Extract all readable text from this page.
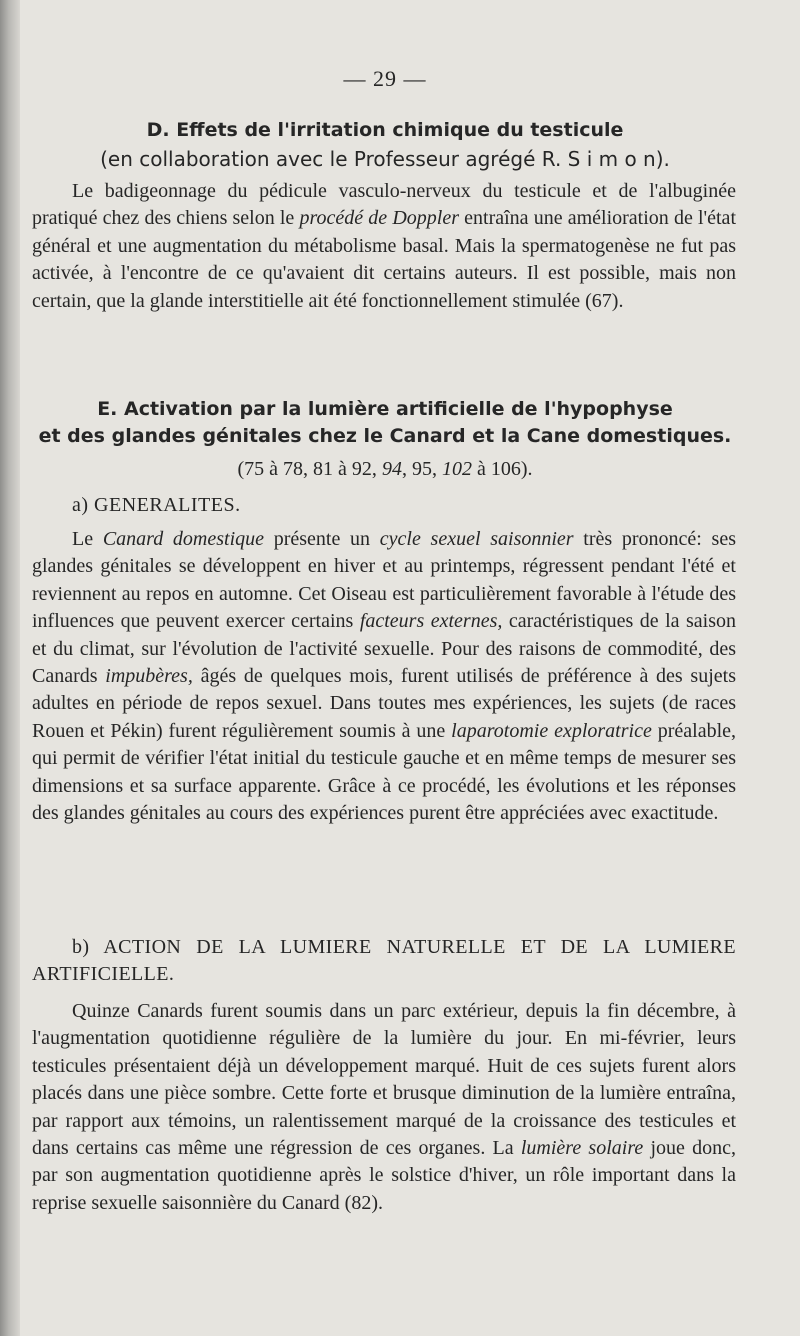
— 29 —
D. Effets de l'irritation chimique du testicule
(en collaboration avec le Professeur agrégé R. S i m o n).

Le badigeonnage du pédicule vasculo-nerveux du testicule et de l'albuginée pratiqué chez des chiens selon le procédé de Doppler entraîna une amélioration de l'état général et une augmentation du métabolisme basal. Mais la spermatogenèse ne fut pas activée, à l'encontre de ce qu'avaient dit certains auteurs. Il est possible, mais non certain, que la glande interstitielle ait été fonctionnellement stimulée (67).

E. Activation par la lumière artificielle de l'hypophyse
et des glandes génitales chez le Canard et la Cane domestiques.
(75 à 78, 81 à 92, 94, 95, 102 à 106).
a) GENERALITES.

Le Canard domestique présente un cycle sexuel saisonnier très prononcé: ses glandes génitales se développent en hiver et au printemps, régressent pendant l'été et reviennent au repos en automne. Cet Oiseau est particulièrement favorable à l'étude des influences que peuvent exercer certains facteurs externes, caractéristiques de la saison et du climat, sur l'évolution de l'activité sexuelle. Pour des raisons de commodité, des Canards impubères, âgés de quelques mois, furent utilisés de préférence à des sujets adultes en période de repos sexuel. Dans toutes mes expériences, les sujets (de races Rouen et Pékin) furent régulièrement soumis à une laparotomie exploratrice préalable, qui permit de vérifier l'état initial du testicule gauche et en même temps de mesurer ses dimensions et sa surface apparente. Grâce à ce procédé, les évolutions et les réponses des glandes génitales au cours des expériences purent être appréciées avec exactitude.

b) ACTION DE LA LUMIERE NATURELLE ET DE LA LUMIERE ARTIFICIELLE.

Quinze Canards furent soumis dans un parc extérieur, depuis la fin décembre, à l'augmentation quotidienne régulière de la lumière du jour. En mi-février, leurs testicules présentaient déjà un développement marqué. Huit de ces sujets furent alors placés dans une pièce sombre. Cette forte et brusque diminution de la lumière entraîna, par rapport aux témoins, un ralentissement marqué de la croissance des testicules et dans certains cas même une régression de ces organes. La lumière solaire joue donc, par son augmentation quotidienne après le solstice d'hiver, un rôle important dans la reprise sexuelle saisonnière du Canard (82).
